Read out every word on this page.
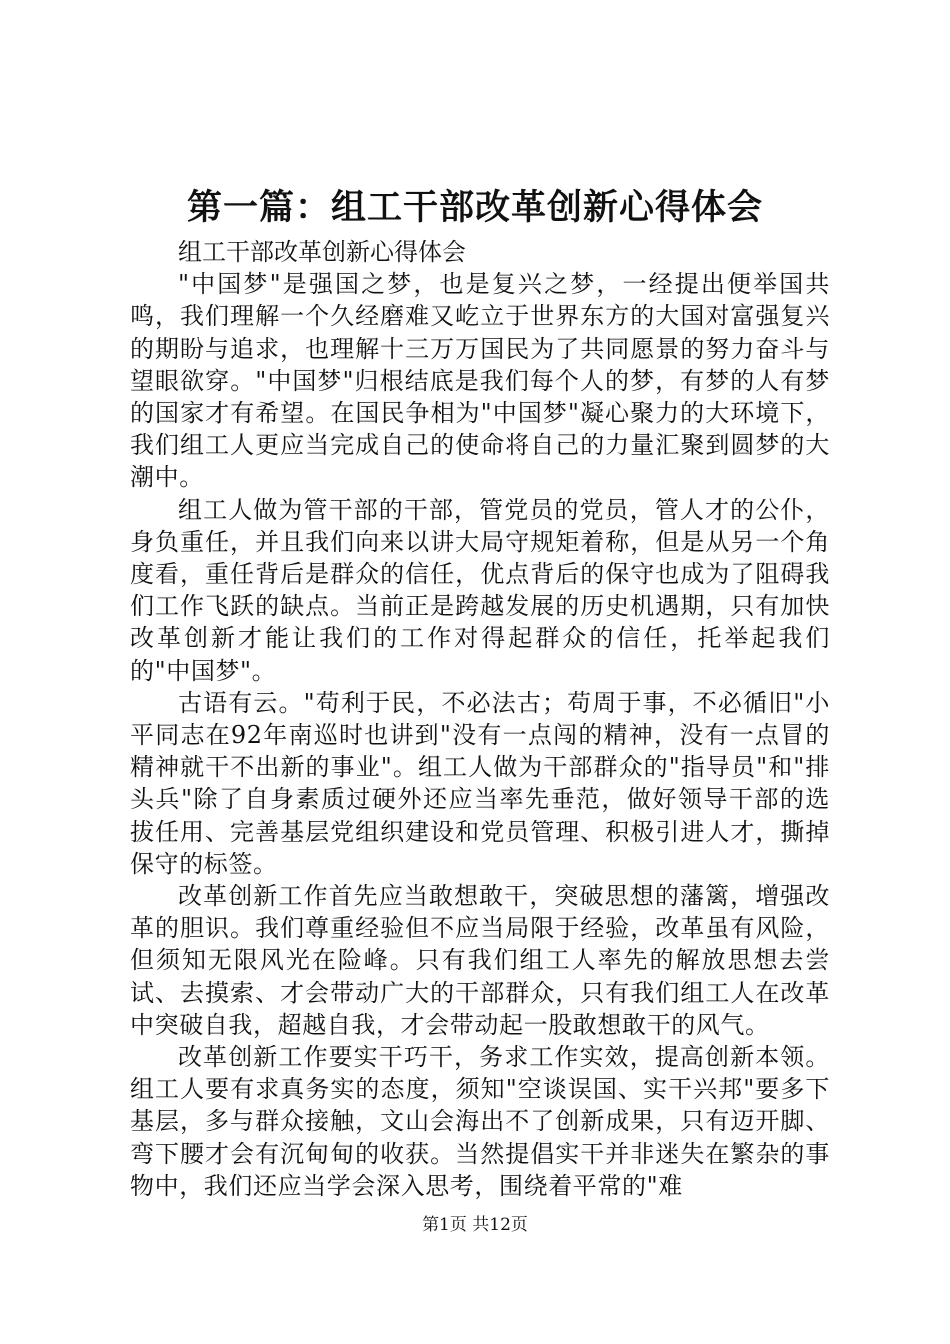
第一篇：组工干部改革创新心得体会

组工干部改革创新心得体会

"中国梦"是强国之梦，也是复兴之梦，一经提出便举国共鸣，我们理解一个久经磨难又屹立于世界东方的大国对富强复兴的期盼与追求，也理解十三万万国民为了共同愿景的努力奋斗与望眼欲穿。"中国梦"归根结底是我们每个人的梦，有梦的人有梦的国家才有希望。在国民争相为"中国梦"凝心聚力的大环境下，我们组工人更应当完成自己的使命将自己的力量汇聚到圆梦的大潮中。

组工人做为管干部的干部，管党员的党员，管人才的公仆，身负重任，并且我们向来以讲大局守规矩着称，但是从另一个角度看，重任背后是群众的信任，优点背后的保守也成为了阻碍我们工作飞跃的缺点。当前正是跨越发展的历史机遇期，只有加快改革创新才能让我们的工作对得起群众的信任，托举起我们的"中国梦"。

古语有云。"苟利于民，不必法古；苟周于事，不必循旧"小平同志在92年南巡时也讲到"没有一点闯的精神，没有一点冒的精神就干不出新的事业"。组工人做为干部群众的"指导员"和"排头兵"除了自身素质过硬外还应当率先垂范，做好领导干部的选拔任用、完善基层党组织建设和党员管理、积极引进人才，撕掉保守的标签。

改革创新工作首先应当敢想敢干，突破思想的藩篱，增强改革的胆识。我们尊重经验但不应当局限于经验，改革虽有风险，但须知无限风光在险峰。只有我们组工人率先的解放思想去尝试、去摸索、才会带动广大的干部群众，只有我们组工人在改革中突破自我，超越自我，才会带动起一股敢想敢干的风气。

改革创新工作要实干巧干，务求工作实效，提高创新本领。组工人要有求真务实的态度，须知"空谈误国、实干兴邦"要多下基层，多与群众接触，文山会海出不了创新成果，只有迈开脚、弯下腰才会有沉甸甸的收获。当然提倡实干并非迷失在繁杂的事物中，我们还应当学会深入思考，围绕着平常的"难

第1页 共12页
